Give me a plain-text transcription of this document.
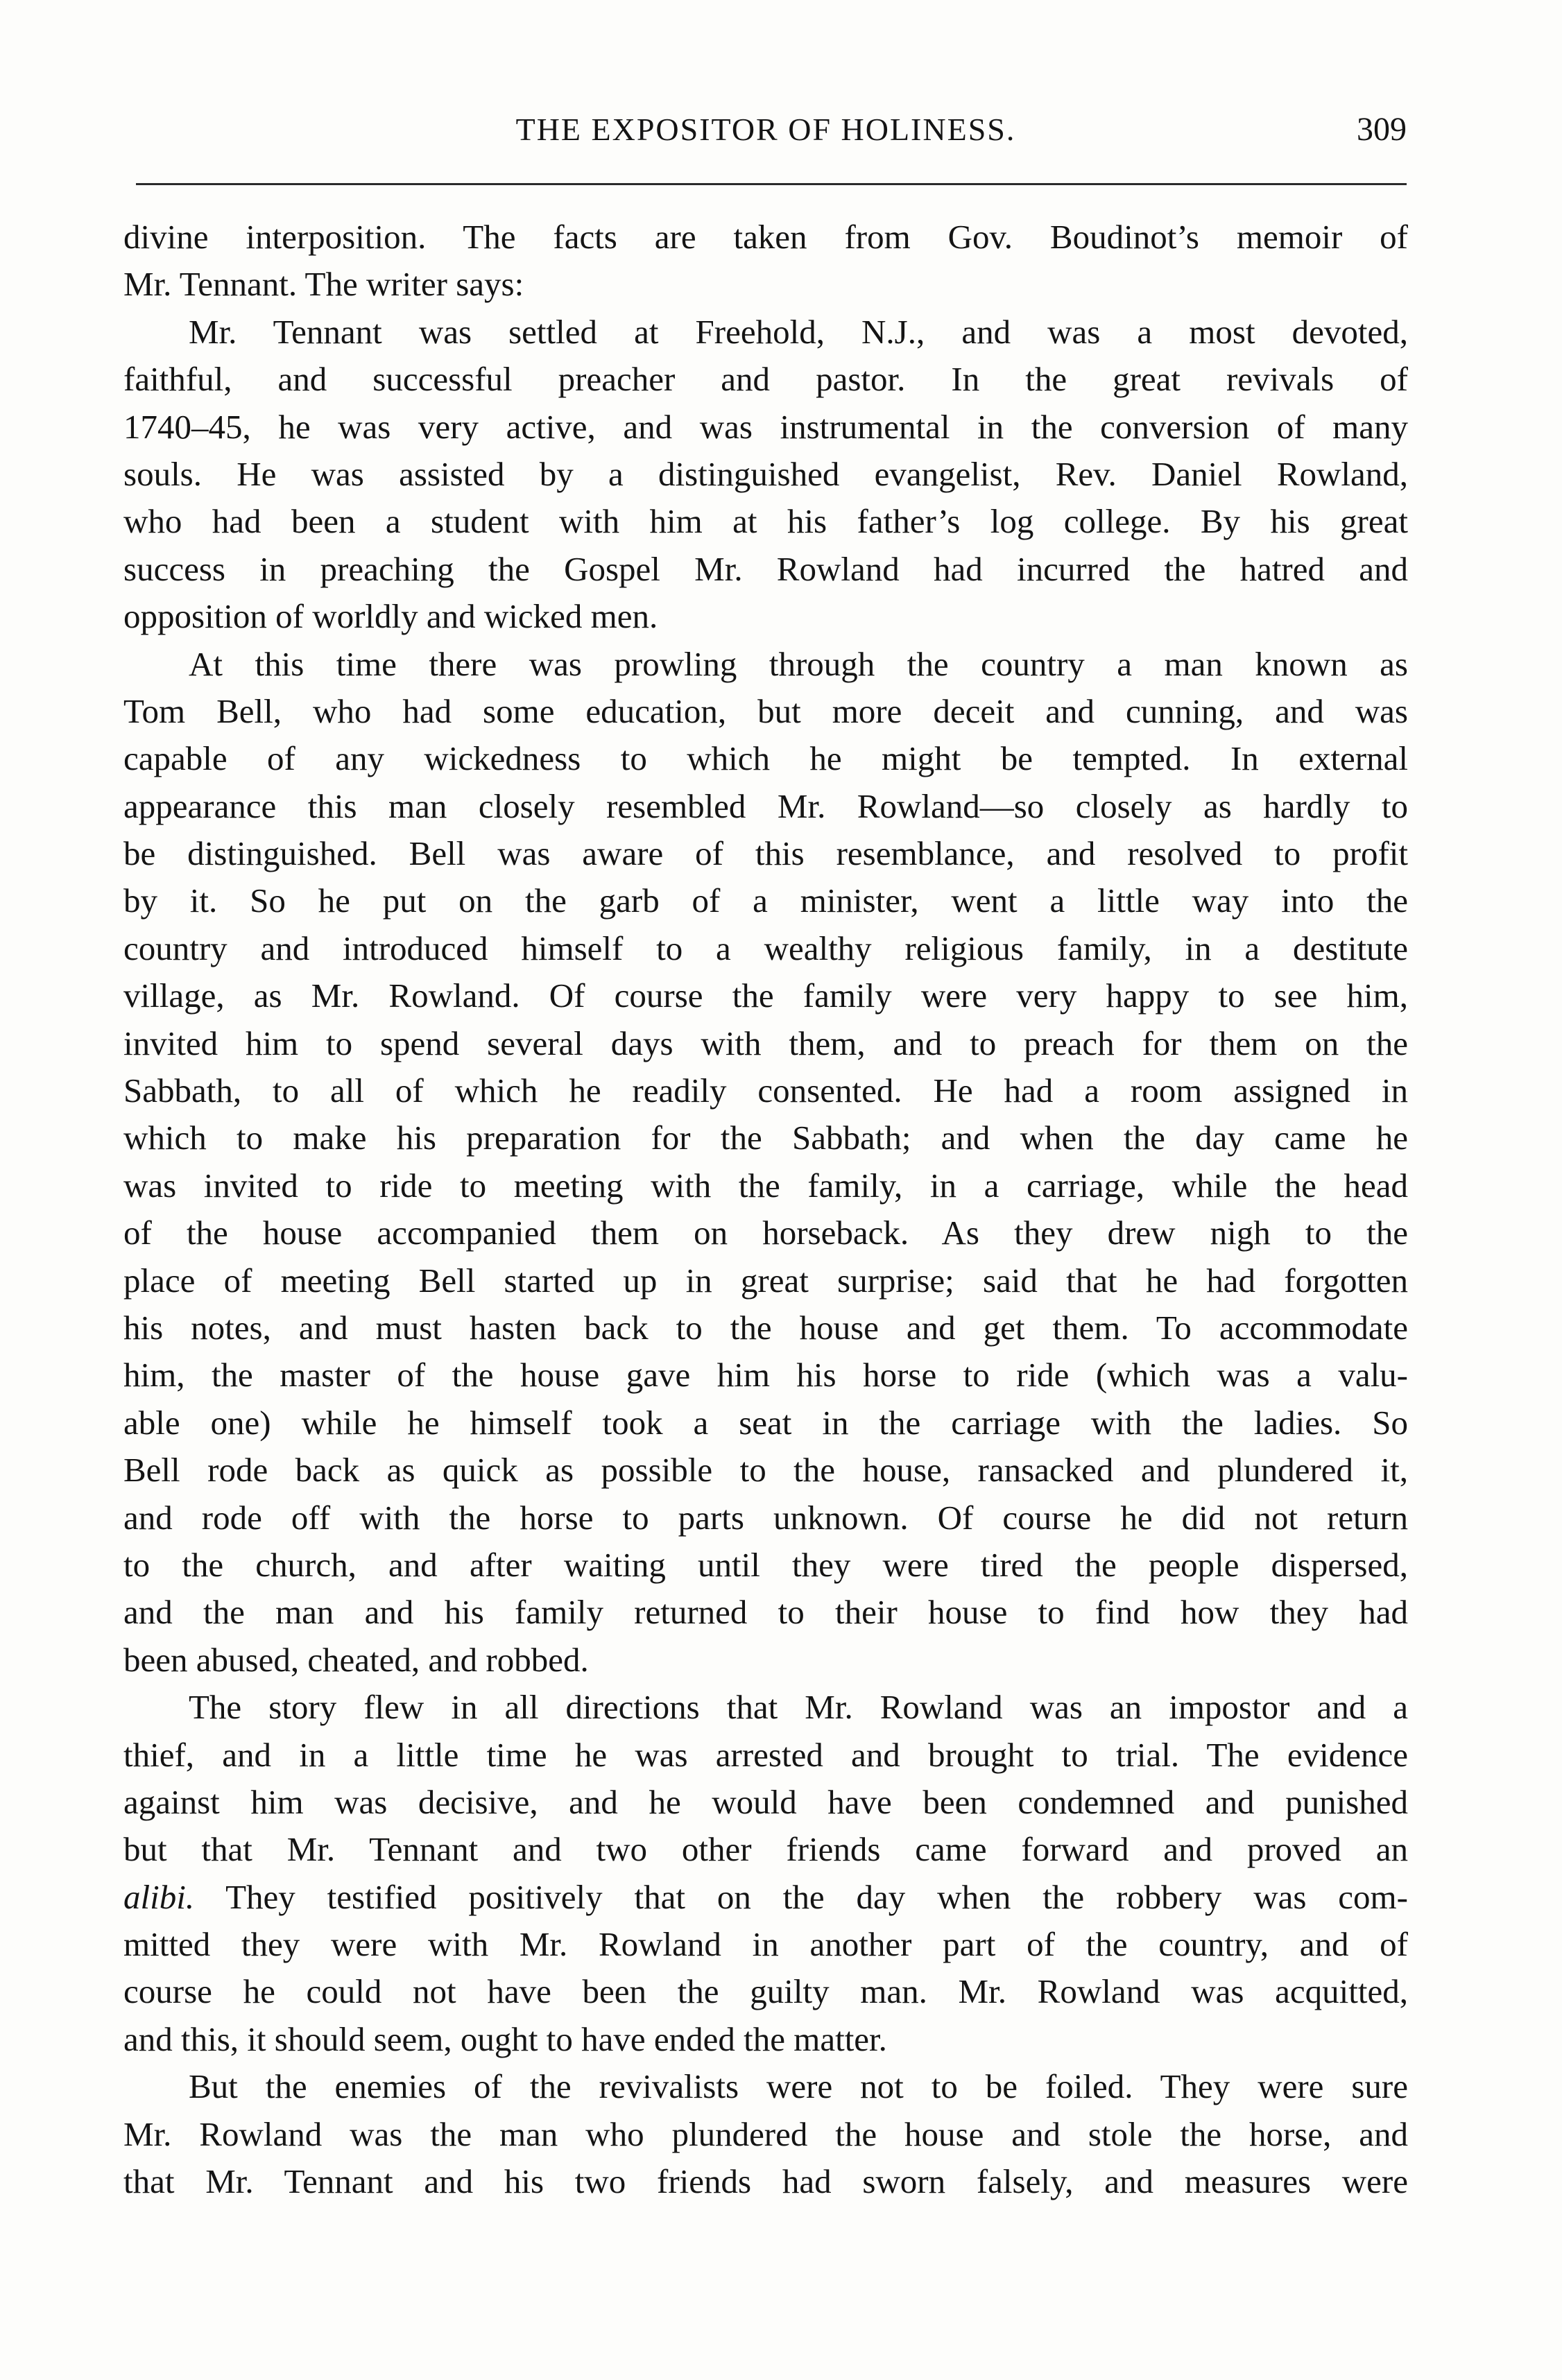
THE EXPOSITOR OF HOLINESS.	309
divine interposition. The facts are taken from Gov. Boudinot’s memoir of
Mr. Tennant. The writer says:
Mr. Tennant was settled at Freehold, N.J., and was a most devoted,
faithful, and successful preacher and pastor. In the great revivals of
1740–45, he was very active, and was instrumental in the conversion of many
souls. He was assisted by a distinguished evangelist, Rev. Daniel Rowland,
who had been a student with him at his father’s log college. By his great
success in preaching the Gospel Mr. Rowland had incurred the hatred and
opposition of worldly and wicked men.
At this time there was prowling through the country a man known as
Tom Bell, who had some education, but more deceit and cunning, and was
capable of any wickedness to which he might be tempted. In external
appearance this man closely resembled Mr. Rowland—so closely as hardly to
be distinguished. Bell was aware of this resemblance, and resolved to profit
by it. So he put on the garb of a minister, went a little way into the
country and introduced himself to a wealthy religious family, in a destitute
village, as Mr. Rowland. Of course the family were very happy to see him,
invited him to spend several days with them, and to preach for them on the
Sabbath, to all of which he readily consented. He had a room assigned in
which to make his preparation for the Sabbath; and when the day came he
was invited to ride to meeting with the family, in a carriage, while the head
of the house accompanied them on horseback. As they drew nigh to the
place of meeting Bell started up in great surprise; said that he had forgotten
his notes, and must hasten back to the house and get them. To accommodate
him, the master of the house gave him his horse to ride (which was a valu-
able one) while he himself took a seat in the carriage with the ladies. So
Bell rode back as quick as possible to the house, ransacked and plundered it,
and rode off with the horse to parts unknown. Of course he did not return
to the church, and after waiting until they were tired the people dispersed,
and the man and his family returned to their house to find how they had
been abused, cheated, and robbed.
The story flew in all directions that Mr. Rowland was an impostor and a
thief, and in a little time he was arrested and brought to trial. The evidence
against him was decisive, and he would have been condemned and punished
but that Mr. Tennant and two other friends came forward and proved an
alibi. They testified positively that on the day when the robbery was com-
mitted they were with Mr. Rowland in another part of the country, and of
course he could not have been the guilty man. Mr. Rowland was acquitted,
and this, it should seem, ought to have ended the matter.
But the enemies of the revivalists were not to be foiled. They were sure
Mr. Rowland was the man who plundered the house and stole the horse, and
that Mr. Tennant and his two friends had sworn falsely, and measures were
